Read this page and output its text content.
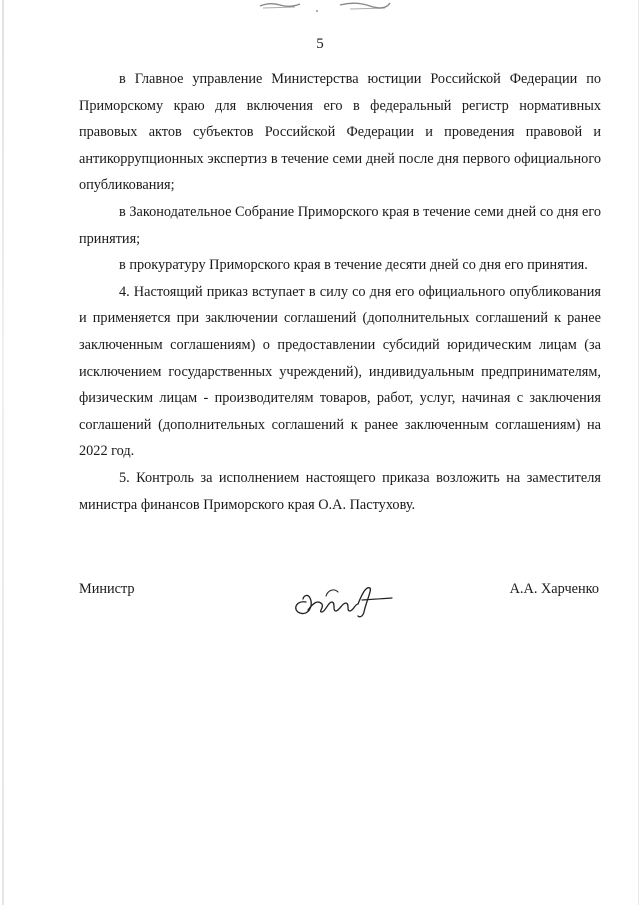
5

в Главное управление Министерства юстиции Российской Федерации по Приморскому краю для включения его в федеральный регистр нормативных правовых актов субъектов Российской Федерации и проведения правовой и антикоррупционных экспертиз в течение семи дней после дня первого официального опубликования;

в Законодательное Собрание Приморского края в течение семи дней со дня его принятия;

в прокуратуру Приморского края в течение десяти дней со дня его принятия.

4. Настоящий приказ вступает в силу со дня его официального опубликования и применяется при заключении соглашений (дополнительных соглашений к ранее заключенным соглашениям) о предоставлении субсидий юридическим лицам (за исключением государственных учреждений), индивидуальным предпринимателям, физическим лицам - производителям товаров, работ, услуг, начиная с заключения соглашений (дополнительных соглашений к ранее заключенным соглашениям) на 2022 год.

5. Контроль за исполнением настоящего приказа возложить на заместителя министра финансов Приморского края О.А. Пастухову.

Министр	А.А. Харченко
